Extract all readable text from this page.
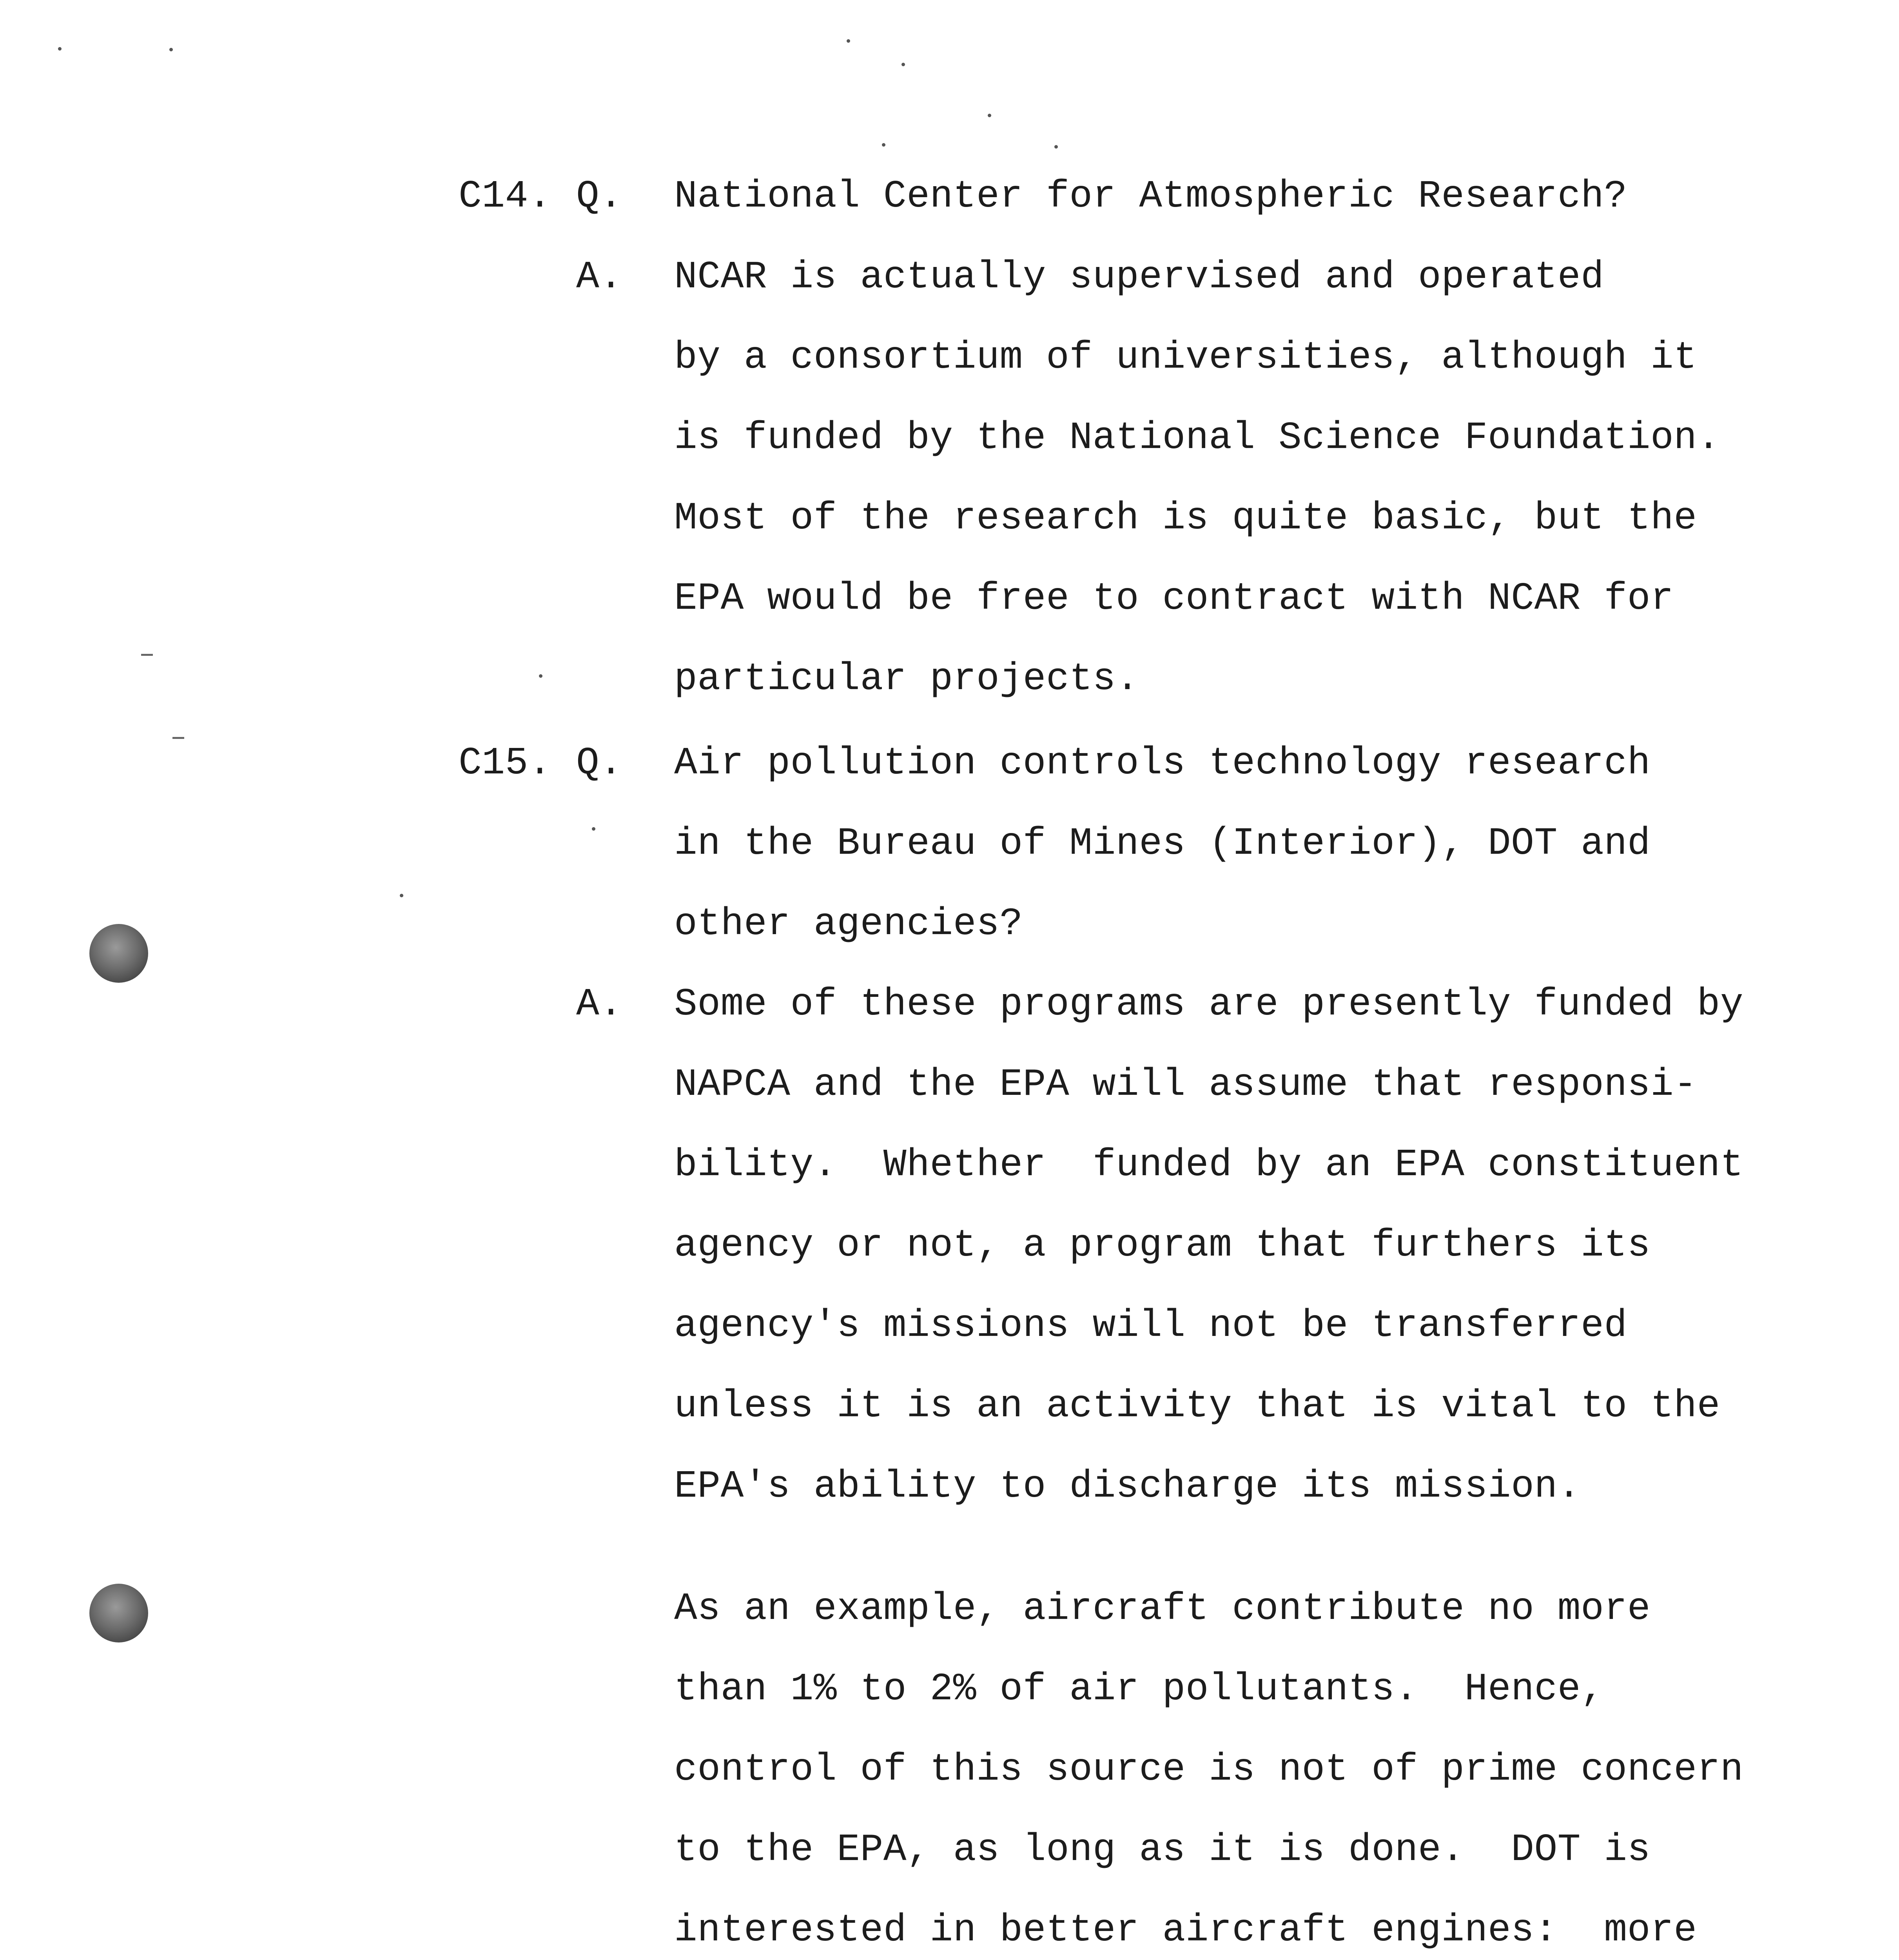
C14. Q. National Center for Atmospheric Research?
A. NCAR is actually supervised and operated
by a consortium of universities, although it
is funded by the National Science Foundation.
Most of the research is quite basic, but the
EPA would be free to contract with NCAR for
particular projects.
C15. Q. Air pollution controls technology research
in the Bureau of Mines (Interior), DOT and
other agencies?
A. Some of these programs are presently funded by
NAPCA and the EPA will assume that responsi-
bility.  Whether  funded by an EPA constituent
agency or not, a program that furthers its
agency's missions will not be transferred
unless it is an activity that is vital to the
EPA's ability to discharge its mission.
As an example, aircraft contribute no more
than 1% to 2% of air pollutants.  Hence,
control of this source is not of prime concern
to the EPA, as long as it is done.  DOT is
interested in better aircraft engines:  more
